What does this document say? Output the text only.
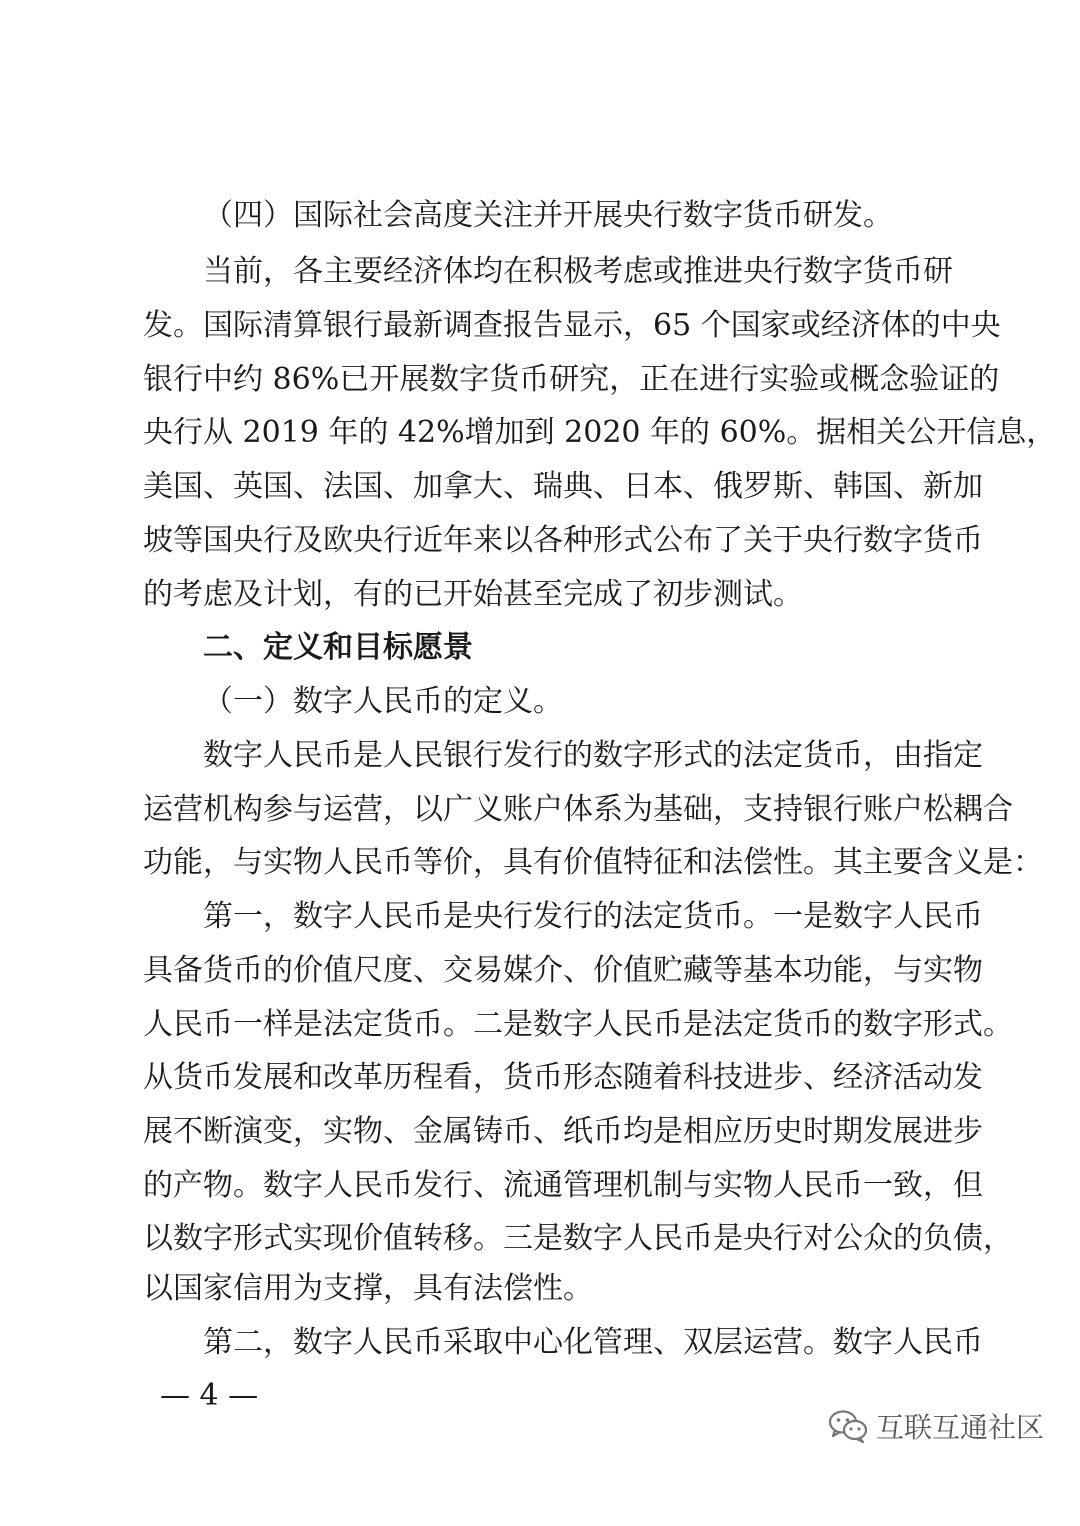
（四）国际社会高度关注并开展央行数字货币研发。
当前，各主要经济体均在积极考虑或推进央行数字货币研
发。国际清算银行最新调查报告显示，65 个国家或经济体的中央
银行中约 86%已开展数字货币研究，正在进行实验或概念验证的
央行从 2019 年的 42%增加到 2020 年的 60%。据相关公开信息，
美国、英国、法国、加拿大、瑞典、日本、俄罗斯、韩国、新加
坡等国央行及欧央行近年来以各种形式公布了关于央行数字货币
的考虑及计划，有的已开始甚至完成了初步测试。
二、定义和目标愿景
（一）数字人民币的定义。
数字人民币是人民银行发行的数字形式的法定货币，由指定
运营机构参与运营，以广义账户体系为基础，支持银行账户松耦合
功能，与实物人民币等价，具有价值特征和法偿性。其主要含义是：
第一，数字人民币是央行发行的法定货币。一是数字人民币
具备货币的价值尺度、交易媒介、价值贮藏等基本功能，与实物
人民币一样是法定货币。二是数字人民币是法定货币的数字形式。
从货币发展和改革历程看，货币形态随着科技进步、经济活动发
展不断演变，实物、金属铸币、纸币均是相应历史时期发展进步
的产物。数字人民币发行、流通管理机制与实物人民币一致，但
以数字形式实现价值转移。三是数字人民币是央行对公众的负债，
以国家信用为支撑，具有法偿性。
第二，数字人民币采取中心化管理、双层运营。数字人民币
— 4 —
互联互通社区
